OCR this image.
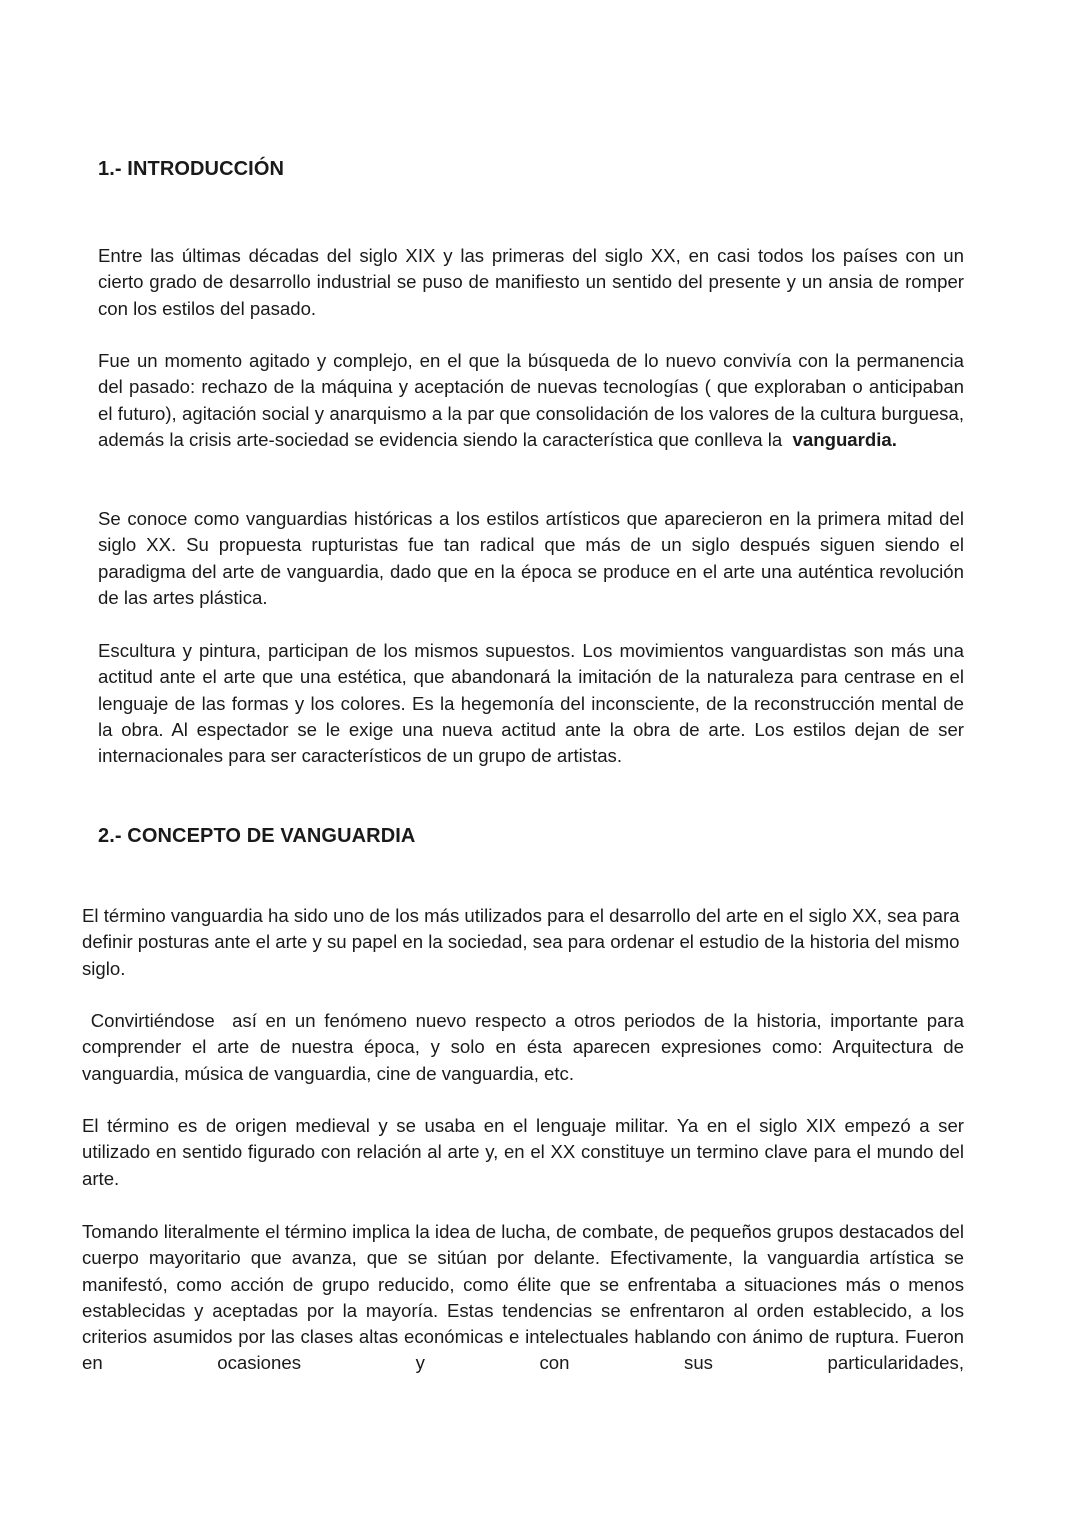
1.- INTRODUCCIÓN

Entre las últimas décadas del siglo XIX y las primeras del siglo XX, en casi todos los países con un cierto grado de desarrollo industrial se puso de manifiesto un sentido del presente y un ansia de romper con los estilos del pasado.

Fue un momento agitado y complejo, en el que la búsqueda de lo nuevo convivía con la permanencia del pasado: rechazo de la máquina y aceptación de nuevas tecnologías ( que exploraban o anticipaban el futuro), agitación social y anarquismo a la par que consolidación de los valores de la cultura burguesa, además la crisis arte-sociedad se evidencia siendo la característica que conlleva la vanguardia.

Se conoce como vanguardias históricas a los estilos artísticos que aparecieron en la primera mitad del siglo XX. Su propuesta rupturistas fue tan radical que más de un siglo después siguen siendo el paradigma del arte de vanguardia, dado que en la época se produce en el arte una auténtica revolución de las artes plástica.

Escultura y pintura, participan de los mismos supuestos. Los movimientos vanguardistas son más una actitud ante el arte que una estética, que abandonará la imitación de la naturaleza para centrase en el lenguaje de las formas y los colores. Es la hegemonía del inconsciente, de la reconstrucción mental de la obra. Al espectador se le exige una nueva actitud ante la obra de arte. Los estilos dejan de ser internacionales para ser característicos de un grupo de artistas.

2.- CONCEPTO DE VANGUARDIA

El término vanguardia ha sido uno de los más utilizados para el desarrollo del arte en el siglo XX, sea para definir posturas ante el arte y su papel en la sociedad, sea para ordenar el estudio de la historia del mismo siglo.

Convirtiéndose  así en un fenómeno nuevo respecto a otros periodos de la historia, importante para comprender el arte de nuestra época, y solo en ésta aparecen expresiones como: Arquitectura de vanguardia, música de vanguardia, cine de vanguardia, etc.

El término es de origen medieval y se usaba en el lenguaje militar. Ya en el siglo XIX empezó a ser utilizado en sentido figurado con relación al arte y, en el XX constituye un termino clave para el mundo del arte.

Tomando literalmente el término implica la idea de lucha, de combate, de pequeños grupos destacados del cuerpo mayoritario que avanza, que se sitúan por delante. Efectivamente, la vanguardia artística se manifestó, como acción de grupo reducido, como élite que se enfrentaba a situaciones más o menos establecidas y aceptadas por la mayoría. Estas tendencias se enfrentaron al orden establecido, a los criterios asumidos por las clases altas económicas e intelectuales hablando con ánimo de ruptura. Fueron en ocasiones y con sus particularidades,
